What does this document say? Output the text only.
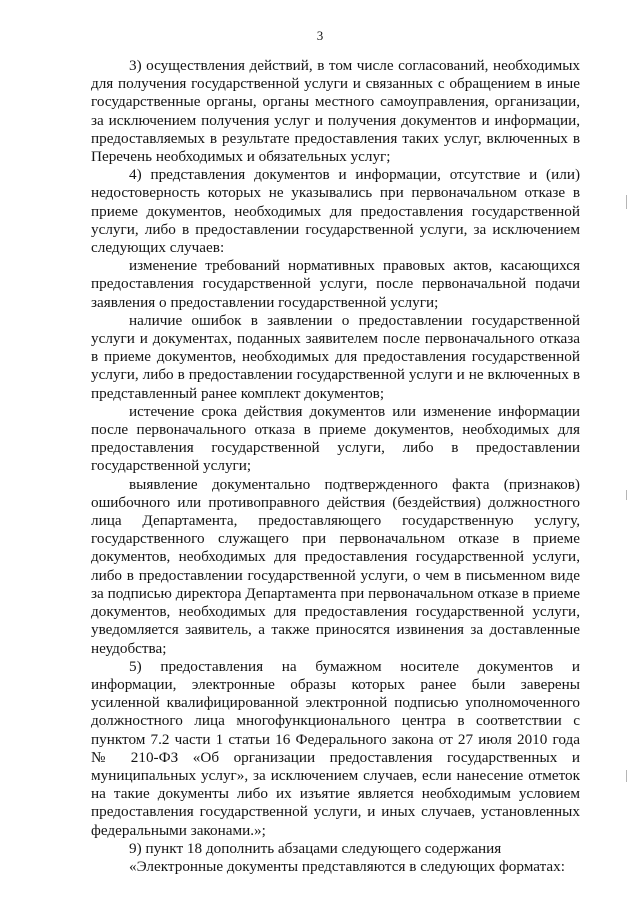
3

3) осуществления действий, в том числе согласований, необходимых для получения государственной услуги и связанных с обращением в иные государственные органы, органы местного самоуправления, организации, за исключением получения услуг и получения документов и информации, предоставляемых в результате предоставления таких услуг, включенных в Перечень необходимых и обязательных услуг;

4) представления документов и информации, отсутствие и (или) недостоверность которых не указывались при первоначальном отказе в приеме документов, необходимых для предоставления государственной услуги, либо в предоставлении государственной услуги, за исключением следующих случаев:

изменение требований нормативных правовых актов, касающихся предоставления государственной услуги, после первоначальной подачи заявления о предоставлении государственной услуги;

наличие ошибок в заявлении о предоставлении государственной услуги и документах, поданных заявителем после первоначального отказа в приеме документов, необходимых для предоставления государственной услуги, либо в предоставлении государственной услуги и не включенных в представленный ранее комплект документов;

истечение срока действия документов или изменение информации после первоначального отказа в приеме документов, необходимых для предоставления государственной услуги, либо в предоставлении государственной услуги;

выявление документально подтвержденного факта (признаков) ошибочного или противоправного действия (бездействия) должностного лица Департамента, предоставляющего государственную услугу, государственного служащего при первоначальном отказе в приеме документов, необходимых для предоставления государственной услуги, либо в предоставлении государственной услуги, о чем в письменном виде за подписью директора Департамента при первоначальном отказе в приеме документов, необходимых для предоставления государственной услуги, уведомляется заявитель, а также приносятся извинения за доставленные неудобства;

5) предоставления на бумажном носителе документов и информации, электронные образы которых ранее были заверены усиленной квалифицированной электронной подписью уполномоченного должностного лица многофункционального центра в соответствии с пунктом 7.2 части 1 статьи 16 Федерального закона от 27 июля 2010 года № 210-ФЗ «Об организации предоставления государственных и муниципальных услуг», за исключением случаев, если нанесение отметок на такие документы либо их изъятие является необходимым условием предоставления государственной услуги, и иных случаев, установленных федеральными законами.»;

9) пункт 18 дополнить абзацами следующего содержания

«Электронные документы представляются в следующих форматах:
